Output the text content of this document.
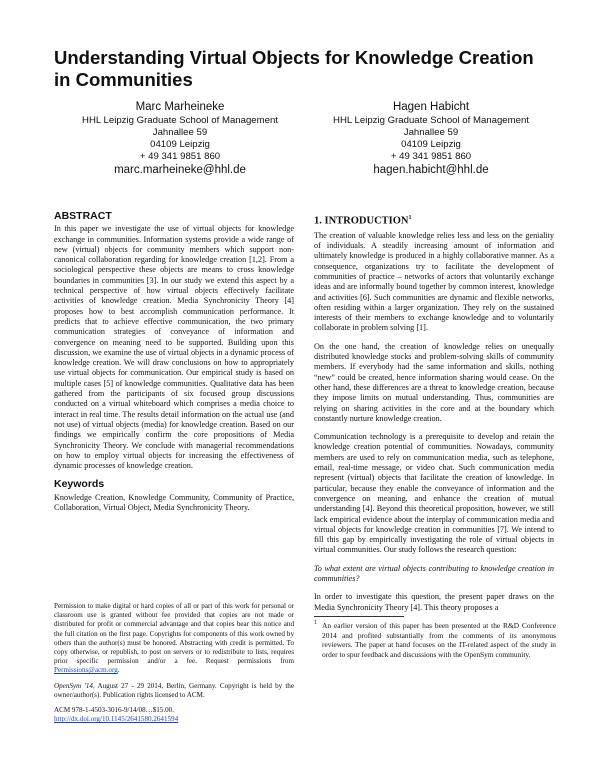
Understanding Virtual Objects for Knowledge Creation in Communities
Marc Marheineke
HHL Leipzig Graduate School of Management
Jahnallee 59
04109 Leipzig
+ 49 341 9851 860
marc.marheineke@hhl.de
Hagen Habicht
HHL Leipzig Graduate School of Management
Jahnallee 59
04109 Leipzig
+ 49 341 9851 860
hagen.habicht@hhl.de
ABSTRACT

In this paper we investigate the use of virtual objects for knowledge exchange in communities. Information systems provide a wide range of new (virtual) objects for community members which support non-canonical collaboration regarding for knowledge creation [1,2]. From a sociological perspective these objects are means to cross knowledge boundaries in communities [3]. In our study we extend this aspect by a technical perspective of how virtual objects effectively facilitate activities of knowledge creation. Media Synchronicity Theory [4] proposes how to best accomplish communication performance. It predicts that to achieve effective communication, the two primary communication strategies of conveyance of information and convergence on meaning need to be supported. Building upon this discussion, we examine the use of virtual objects in a dynamic process of knowledge creation. We will draw conclusions on how to appropriately use virtual objects for communication. Our empirical study is based on multiple cases [5] of knowledge communities. Qualitative data has been gathered from the participants of six focused group discussions conducted on a virtual whiteboard which comprises a media choice to interact in real time. The results detail information on the actual use (and not use) of virtual objects (media) for knowledge creation. Based on our findings we empirically confirm the core propositions of Media Synchronicity Theory. We conclude with managerial recommendations on how to employ virtual objects for increasing the effectiveness of dynamic processes of knowledge creation.

Keywords

Knowledge Creation, Knowledge Community, Community of Practice, Collaboration, Virtual Object, Media Synchronicity Theory.

Permission to make digital or hard copies of all or part of this work for personal or classroom use is granted without fee provided that copies are not made or distributed for profit or commercial advantage and that copies bear this notice and the full citation on the first page. Copyrights for components of this work owned by others than the author(s) must be honored. Abstracting with credit is permitted. To copy otherwise, or republish, to post on servers or to redistribute to lists, requires prior specific permission and/or a fee. Request permissions from Permissions@acm.org.

OpenSym '14, August 27 - 29 2014, Berlin, Germany. Copyright is held by the owner/author(s). Publication rights licensed to ACM.

ACM 978-1-4503-3016-9/14/08…$15.00.
http://dx.doi.org/10.1145/2641580.2641594
1. INTRODUCTION$^1$

The creation of valuable knowledge relies less and less on the geniality of individuals. A steadily increasing amount of information and ultimately knowledge is produced in a highly collaborative manner. As a consequence, organizations try to facilitate the development of communities of practice – networks of actors that voluntarily exchange ideas and are informally bound together by common interest, knowledge and activities [6]. Such communities are dynamic and flexible networks, often residing within a larger organization. They rely on the sustained interests of their members to exchange knowledge and to voluntarily collaborate in problem solving [1].

On the one hand, the creation of knowledge relies on unequally distributed knowledge stocks and problem-solving skills of community members. If everybody had the same information and skills, nothing “new” could be created, hence information sharing would cease. On the other hand, these differences are a threat to knowledge creation, because they impose limits on mutual understanding. Thus, communities are relying on sharing activities in the core and at the boundary which constantly nurture knowledge creation.

Communication technology is a prerequisite to develop and retain the knowledge creation potential of communities. Nowadays, community members are used to rely on communication media, such as telephone, email, real-time message, or video chat. Such communication media represent (virtual) objects that facilitate the creation of knowledge. In particular, because they enable the conveyance of information and the convergence on meaning, and enhance the creation of mutual understanding [4]. Beyond this theoretical proposition, however, we still lack empirical evidence about the interplay of communication media and virtual objects for knowledge creation in communities [7]. We intend to fill this gap by empirically investigating the role of virtual objects in virtual communities. Our study follows the research question:

To what extent are virtual objects contributing to knowledge creation in communities?

In order to investigate this question, the present paper draws on the Media Synchronicity Theory [4]. This theory proposes a

1 An earlier version of this paper has been presented at the R&D Conference 2014 and profited substantially from the comments of its anonymous reviewers. The paper at hand focuses on the IT-related aspect of the study in order to spur feedback and discussions with the OpenSym community.
